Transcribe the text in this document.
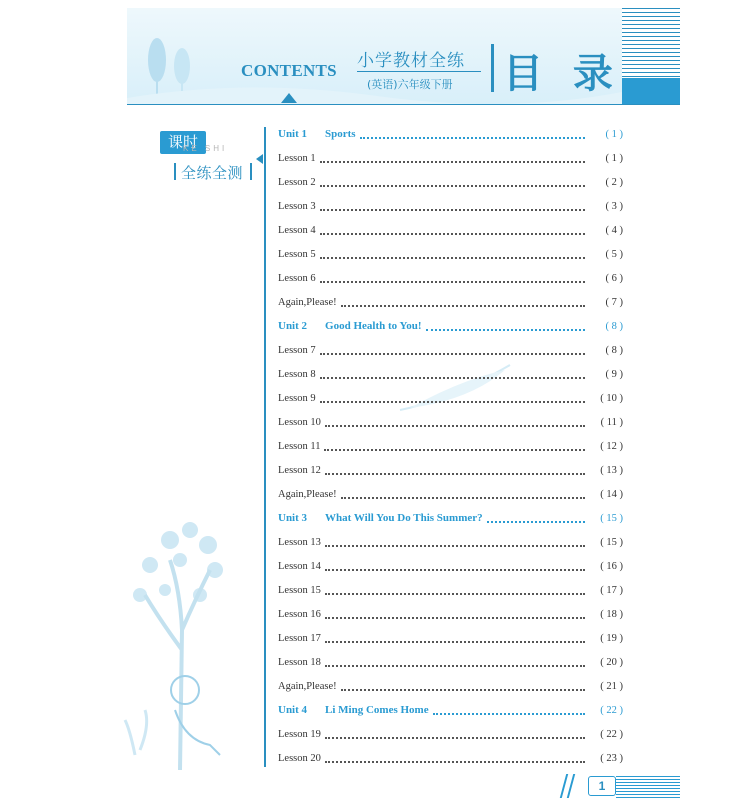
CONTENTS 小学教材全练
(英语)六年级下册 目 录
课时
KE SHI
全练全测
Unit 1	Sports	( 1 )
Lesson 1	( 1 )
Lesson 2	( 2 )
Lesson 3	( 3 )
Lesson 4	( 4 )
Lesson 5	( 5 )
Lesson 6	( 6 )
Again,Please!	( 7 )
Unit 2	Good Health to You!	( 8 )
Lesson 7	( 8 )
Lesson 8	( 9 )
Lesson 9	( 10 )
Lesson 10	( 11 )
Lesson 11	( 12 )
Lesson 12	( 13 )
Again,Please!	( 14 )
Unit 3	What Will You Do This Summer?	( 15 )
Lesson 13	( 15 )
Lesson 14	( 16 )
Lesson 15	( 17 )
Lesson 16	( 18 )
Lesson 17	( 19 )
Lesson 18	( 20 )
Again,Please!	( 21 )
Unit 4	Li Ming Comes Home	( 22 )
Lesson 19	( 22 )
Lesson 20	( 23 )
1
